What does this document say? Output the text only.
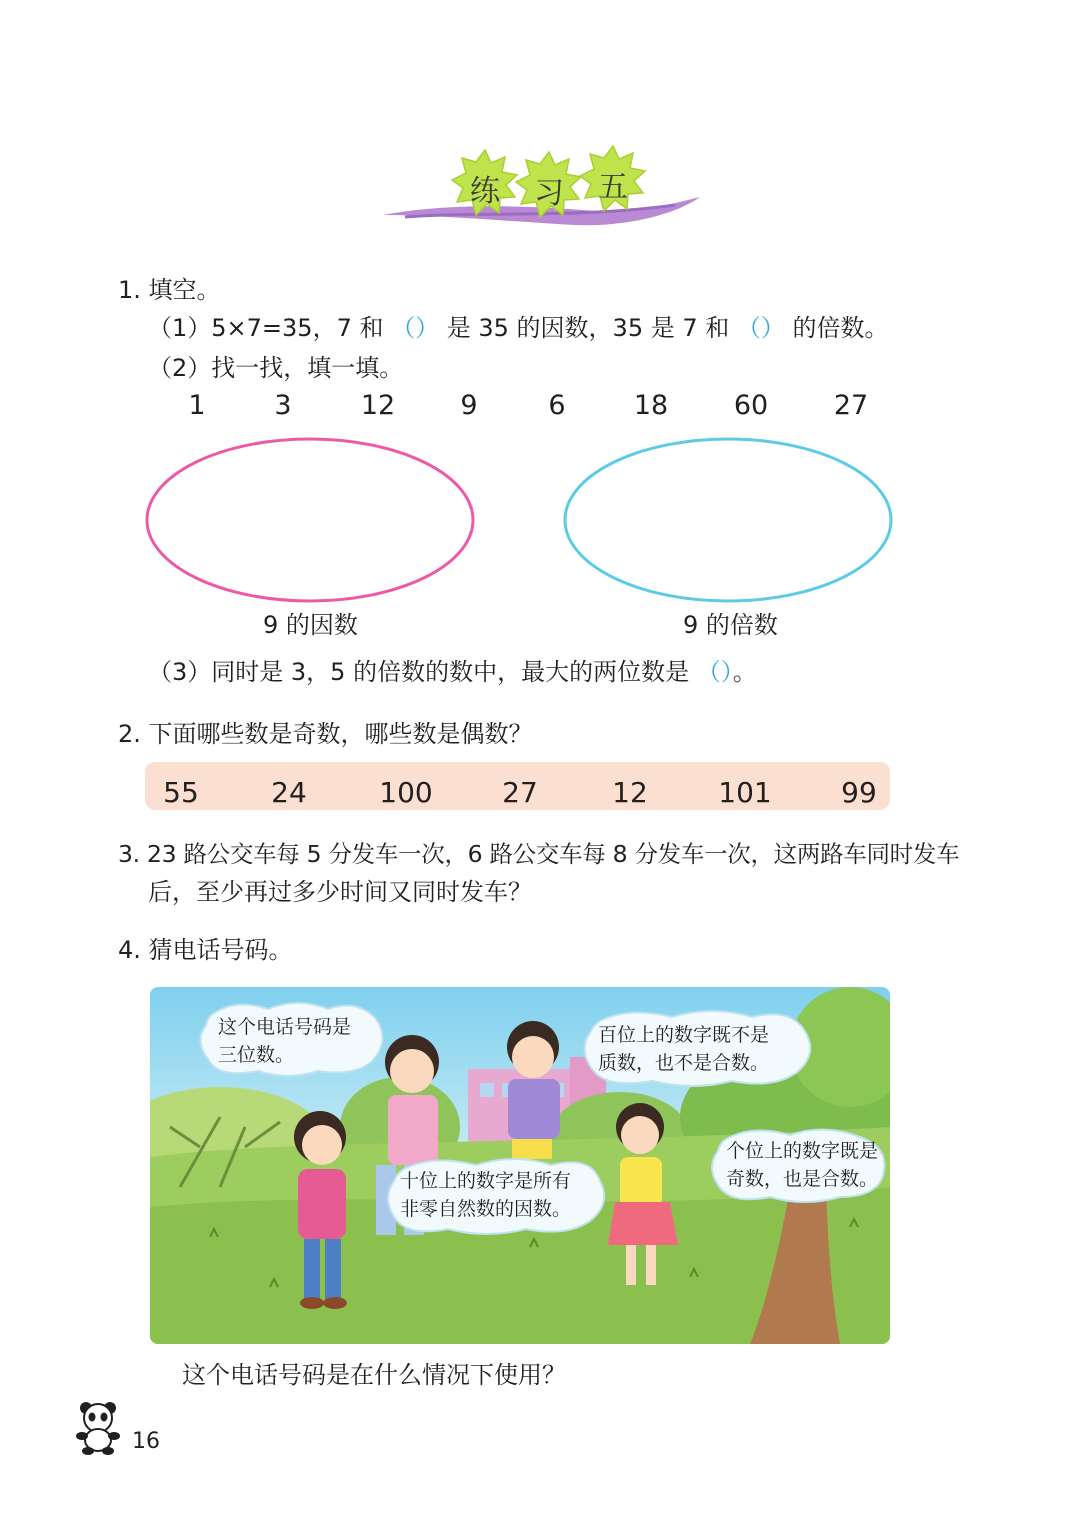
练	习	五
1. 填空。
（1）5×7=35，7 和 （） 是 35 的因数，35 是 7 和 （） 的倍数。
（2）找一找，填一填。
1	3	12 9	6	18 60 27
9 的因数	9 的倍数
（3）同时是 3，5 的倍数的数中，最大的两位数是 （）。
2. 下面哪些数是奇数，哪些数是偶数？
55	24	100 27	12	101 99
3. 23 路公交车每 5 分发车一次，6 路公交车每 8 分发车一次，这两路车同时发车
后，至少再过多少时间又同时发车？
4. 猜电话号码。
这个电话号码是
三位数。
百位上的数字既不是
质数，也不是合数。
十位上的数字是所有
非零自然数的因数。
个位上的数字既是
奇数，也是合数。
这个电话号码是在什么情况下使用？
16
